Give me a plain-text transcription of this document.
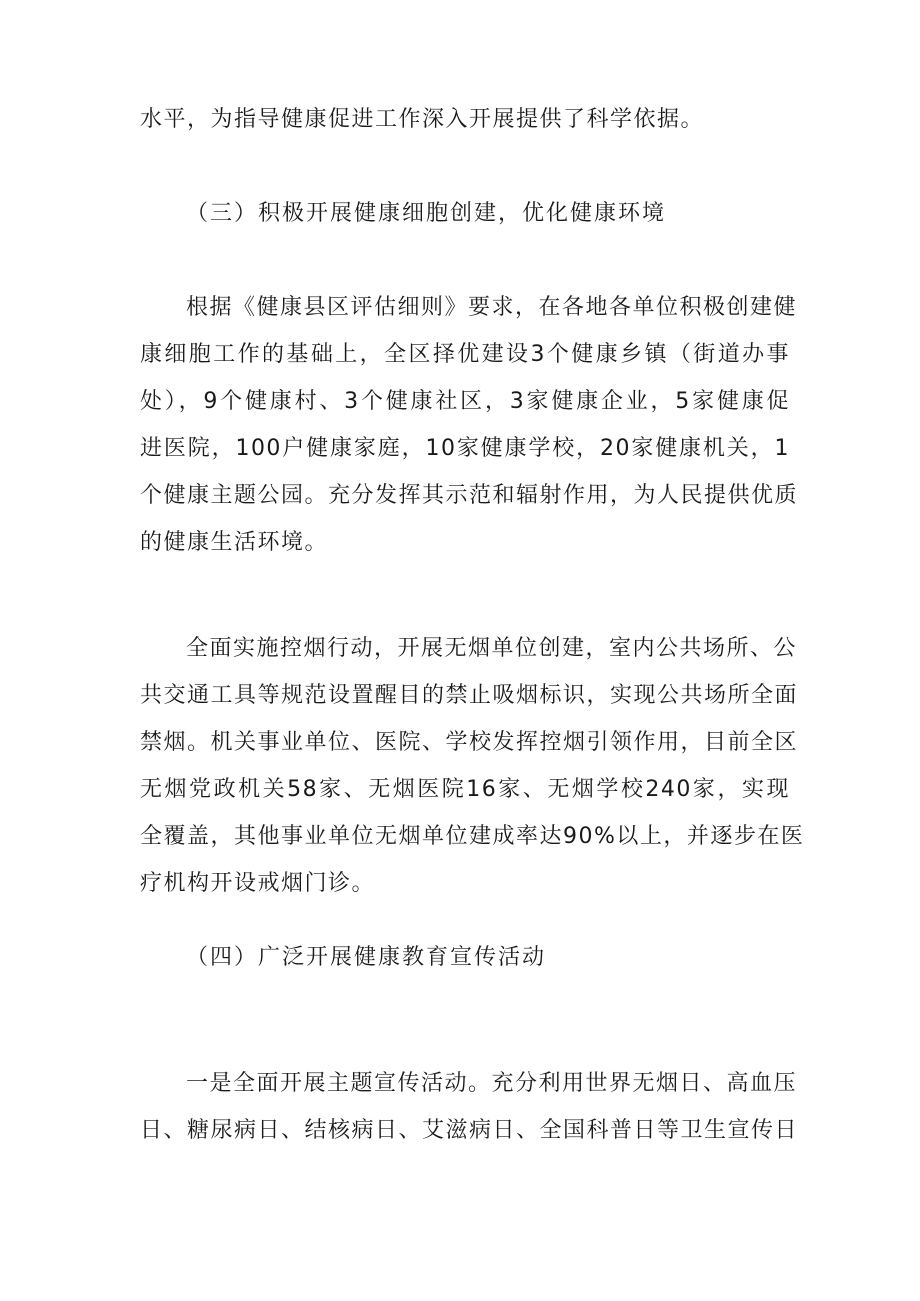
水平，为指导健康促进工作深入开展提供了科学依据。
（三）积极开展健康细胞创建，优化健康环境
根据《健康县区评估细则》要求，在各地各单位积极创建健
康细胞工作的基础上，全区择优建设3个健康乡镇（街道办事
处），9个健康村、3个健康社区，3家健康企业，5家健康促
进医院，100户健康家庭，10家健康学校，20家健康机关，1
个健康主题公园。充分发挥其示范和辐射作用，为人民提供优质
的健康生活环境。
全面实施控烟行动，开展无烟单位创建，室内公共场所、公
共交通工具等规范设置醒目的禁止吸烟标识，实现公共场所全面
禁烟。机关事业单位、医院、学校发挥控烟引领作用，目前全区
无烟党政机关58家、无烟医院16家、无烟学校240家，实现
全覆盖，其他事业单位无烟单位建成率达90%以上，并逐步在医
疗机构开设戒烟门诊。
（四）广泛开展健康教育宣传活动
一是全面开展主题宣传活动。充分利用世界无烟日、高血压
日、糖尿病日、结核病日、艾滋病日、全国科普日等卫生宣传日
